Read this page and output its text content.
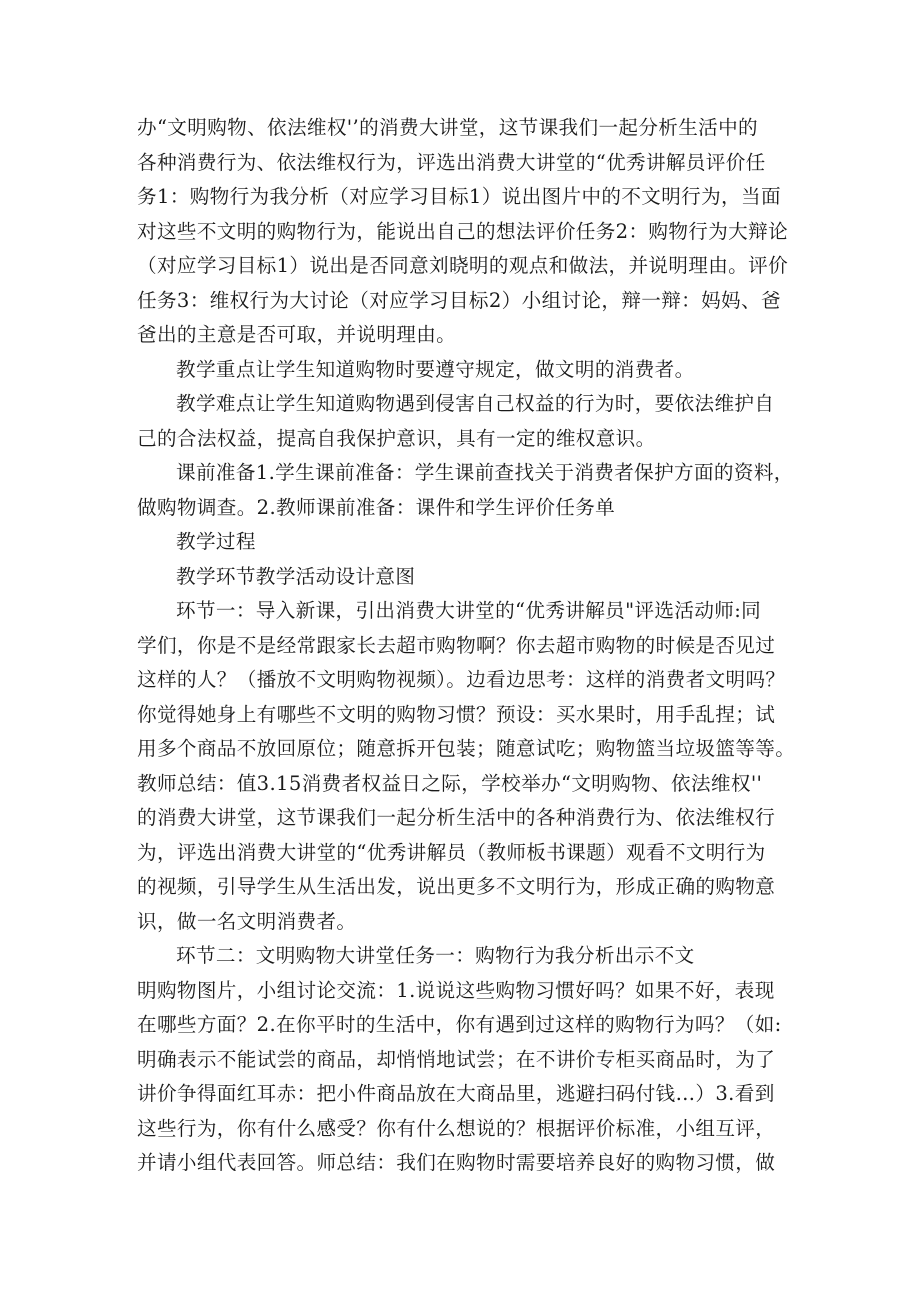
办“文明购物、依法维权'’的消费大讲堂，这节课我们一起分析生活中的
各种消费行为、依法维权行为，评选出消费大讲堂的“优秀讲解员评价任
务1：购物行为我分析（对应学习目标1）说出图片中的不文明行为，当面
对这些不文明的购物行为，能说出自己的想法评价任务2：购物行为大辩论
（对应学习目标1）说出是否同意刘晓明的观点和做法，并说明理由。评价
任务3：维权行为大讨论（对应学习目标2）小组讨论，辩一辩：妈妈、爸
爸出的主意是否可取，并说明理由。
教学重点让学生知道购物时要遵守规定，做文明的消费者。
教学难点让学生知道购物遇到侵害自己权益的行为时，要依法维护自
己的合法权益，提高自我保护意识，具有一定的维权意识。
课前准备1.学生课前准备：学生课前查找关于消费者保护方面的资料，
做购物调查。2.教师课前准备：课件和学生评价任务单
教学过程
教学环节教学活动设计意图
环节一：导入新课，引出消费大讲堂的“优秀讲解员"评选活动师:同
学们，你是不是经常跟家长去超市购物啊？你去超市购物的时候是否见过
这样的人？（播放不文明购物视频）。边看边思考：这样的消费者文明吗？
你觉得她身上有哪些不文明的购物习惯？预设：买水果时，用手乱捏；试
用多个商品不放回原位；随意拆开包装；随意试吃；购物篮当垃圾篮等等。
教师总结：值3.15消费者权益日之际，学校举办“文明购物、依法维权''
的消费大讲堂，这节课我们一起分析生活中的各种消费行为、依法维权行
为，评选出消费大讲堂的“优秀讲解员（教师板书课题）观看不文明行为
的视频，引导学生从生活出发，说出更多不文明行为，形成正确的购物意
识，做一名文明消费者。
环节二：文明购物大讲堂任务一：购物行为我分析出示不文
明购物图片，小组讨论交流：1.说说这些购物习惯好吗？如果不好，表现
在哪些方面？2.在你平时的生活中，你有遇到过这样的购物行为吗？（如:
明确表示不能试尝的商品，却悄悄地试尝；在不讲价专柜买商品时，为了
讲价争得面红耳赤：把小件商品放在大商品里，逃避扫码付钱…）3.看到
这些行为，你有什么感受？你有什么想说的？根据评价标准，小组互评，
并请小组代表回答。师总结：我们在购物时需要培养良好的购物习惯，做
